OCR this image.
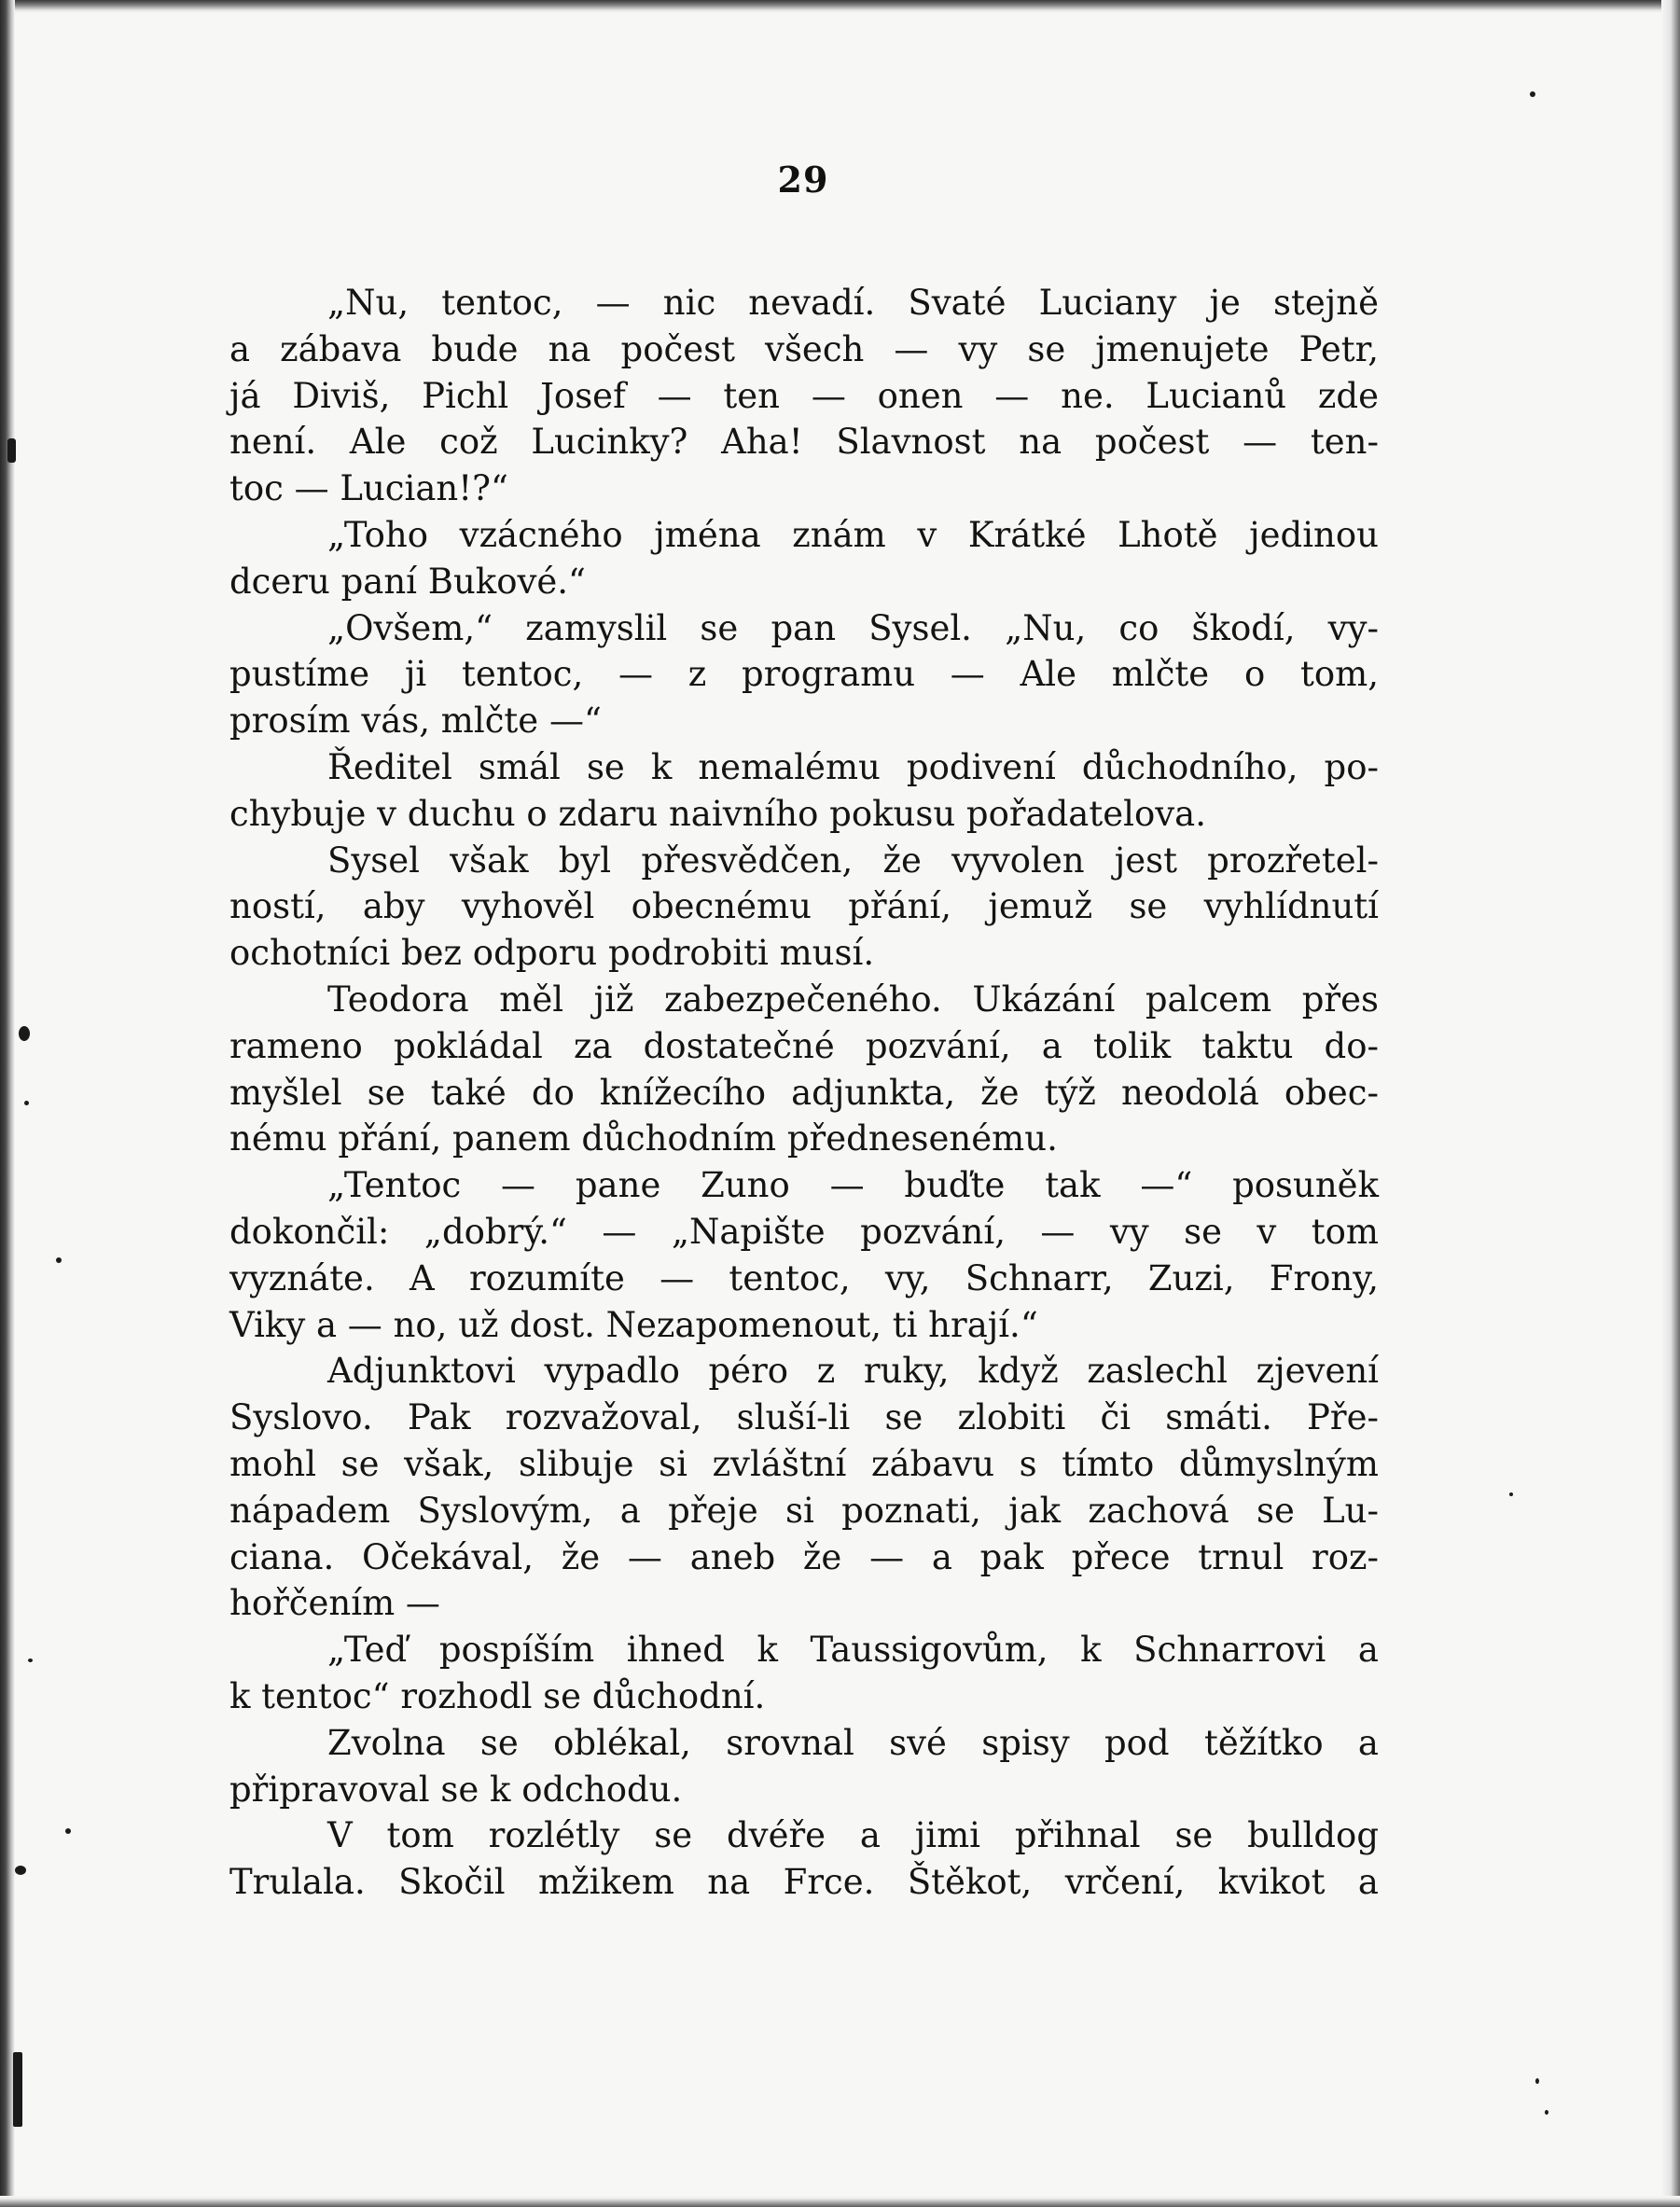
29
„Nu, tentoc, — nic nevadí. Svaté Luciany je stejně
a zábava bude na počest všech — vy se jmenujete Petr,
já Diviš, Pichl Josef — ten — onen — ne. Lucianů zde
není. Ale což Lucinky? Aha! Slavnost na počest — ten-
toc — Lucian!?“
„Toho vzácného jména znám v Krátké Lhotě jedinou
dceru paní Bukové.“
„Ovšem,“ zamyslil se pan Sysel. „Nu, co škodí, vy-
pustíme ji tentoc, — z programu — Ale mlčte o tom,
prosím vás, mlčte —“
Ředitel smál se k nemalému podivení důchodního, po-
chybuje v duchu o zdaru naivního pokusu pořadatelova.
Sysel však byl přesvědčen, že vyvolen jest prozřetel-
ností, aby vyhověl obecnému přání, jemuž se vyhlídnutí
ochotníci bez odporu podrobiti musí.
Teodora měl již zabezpečeného. Ukázání palcem přes
rameno pokládal za dostatečné pozvání, a tolik taktu do-
myšlel se také do knížecího adjunkta, že týž neodolá obec-
nému přání, panem důchodním přednesenému.
„Tentoc — pane Zuno — buďte tak —“ posuněk
dokončil: „dobrý.“ — „Napište pozvání, — vy se v tom
vyznáte. A rozumíte — tentoc, vy, Schnarr, Zuzi, Frony,
Viky a — no, už dost. Nezapomenout, ti hrají.“
Adjunktovi vypadlo péro z ruky, když zaslechl zjevení
Syslovo. Pak rozvažoval, sluší-li se zlobiti či smáti. Pře-
mohl se však, slibuje si zvláštní zábavu s tímto důmyslným
nápadem Syslovým, a přeje si poznati, jak zachová se Lu-
ciana. Očekával, že — aneb že — a pak přece trnul roz-
hořčením —
„Teď pospíším ihned k Taussigovům, k Schnarrovi a
k tentoc“ rozhodl se důchodní.
Zvolna se oblékal, srovnal své spisy pod těžítko a
připravoval se k odchodu.
V tom rozlétly se dvéře a jimi přihnal se bulldog
Trulala. Skočil mžikem na Frce. Štěkot, vrčení, kvikot a
